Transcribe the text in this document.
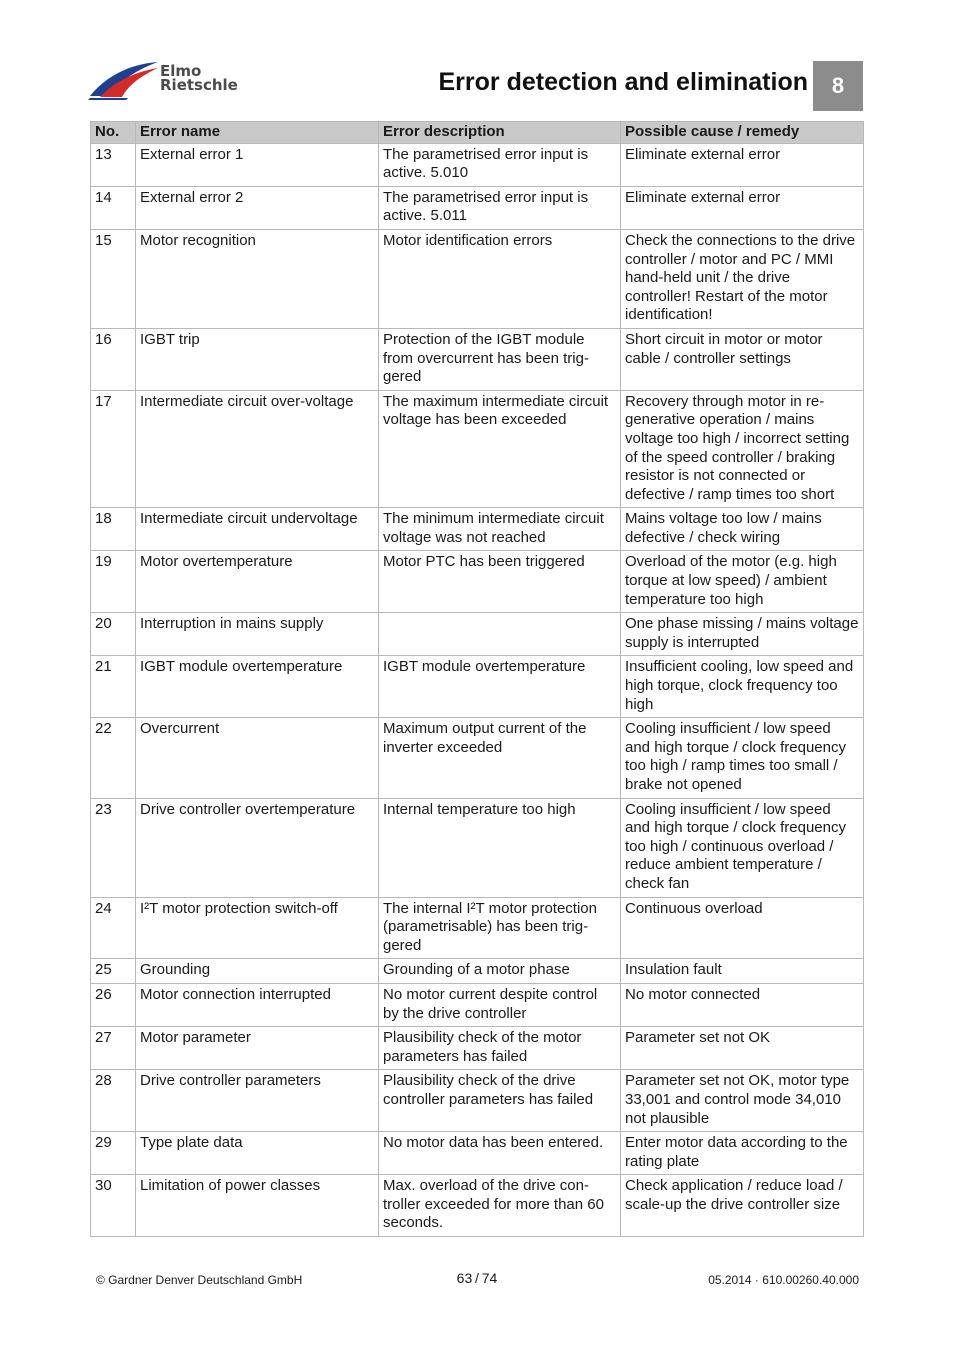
Elmo
Rietschle	Error detection and elimination	8
No.	Error name	Error description	Possible cause / remedy
13	External error 1	The parametrised error input is active. 5.010	Eliminate external error
14	External error 2	The parametrised error input is active. 5.011	Eliminate external error
15	Motor recognition	Motor identification errors	Check the connections to the drive controller / motor and PC / MMI hand-held unit / the drive controller! Restart of the motor identification!
16	IGBT trip	Protection of the IGBT module from overcurrent has been triggered	Short circuit in motor or motor cable / controller settings
17	Intermediate circuit over-voltage	The maximum intermediate circuit voltage has been exceeded	Recovery through motor in regenerative operation / mains voltage too high / incorrect setting of the speed controller / braking resistor is not connected or defective / ramp times too short
18	Intermediate circuit undervoltage	The minimum intermediate circuit voltage was not reached	Mains voltage too low / mains defective / check wiring
19	Motor overtemperature	Motor PTC has been triggered	Overload of the motor (e.g. high torque at low speed) / ambient temperature too high
20	Interruption in mains supply		One phase missing / mains voltage supply is interrupted
21	IGBT module overtemperature	IGBT module overtemperature	Insufficient cooling, low speed and high torque, clock frequency too high
22	Overcurrent	Maximum output current of the inverter exceeded	Cooling insufficient / low speed and high torque / clock frequency too high / ramp times too small / brake not opened
23	Drive controller overtemperature	Internal temperature too high	Cooling insufficient / low speed and high torque / clock frequency too high / continuous overload / reduce ambient temperature / check fan
24	I²T motor protection switch-off	The internal I²T motor protection (parametrisable) has been triggered	Continuous overload
25	Grounding	Grounding of a motor phase	Insulation fault
26	Motor connection interrupted	No motor current despite control by the drive controller	No motor connected
27	Motor parameter	Plausibility check of the motor parameters has failed	Parameter set not OK
28	Drive controller parameters	Plausibility check of the drive controller parameters has failed	Parameter set not OK, motor type 33,001 and control mode 34,010 not plausible
29	Type plate data	No motor data has been entered.	Enter motor data according to the rating plate
30	Limitation of power classes	Max. overload of the drive controller exceeded for more than 60 seconds.	Check application / reduce load / scale-up the drive controller size
© Gardner Denver Deutschland GmbH	63 / 74	05.2014 · 610.00260.40.000
